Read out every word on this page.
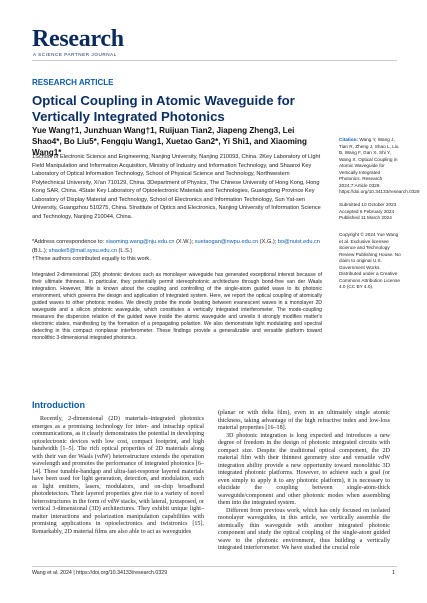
Research
A SCIENCE PARTNER JOURNAL
RESEARCH ARTICLE
Optical Coupling in Atomic Waveguide for Vertically Integrated Photonics
Yue Wang†1, Junzhuan Wang†1, Ruijuan Tian2, Jiapeng Zheng3, Lei Shao4*, Bo Liu5*, Fengqiu Wang1, Xuetao Gan2*, Yi Shi1, and Xiaoming Wang1*
1School of Electronic Science and Engineering, Nanjing University, Nanjing 210093, China. 2Key Laboratory of Light Field Manipulation and Information Acquisition, Ministry of Industry and Information Technology, and Shaanxi Key Laboratory of Optical Information Technology, School of Physical Science and Technology, Northwestern Polytechnical University, Xi'an 710129, China. 3Department of Physics, The Chinese University of Hong Kong, Hong Kong SAR, China. 4State Key Laboratory of Optoelectronic Materials and Technologies, Guangdong Province Key Laboratory of Display Material and Technology, School of Electronics and Information Technology, Sun Yat-sen University, Guangzhou 510275, China. 5Institute of Optics and Electronics, Nanjing University of Information Science and Technology, Nanjing 210044, China.
*Address correspondence to: xiaoming.wang@nju.edu.cn (X.W.); xuetaogan@nwpu.edu.cn (X.G.); bo@nuist.edu.cn (B.L.); shaolei5@mail.sysu.edu.cn (L.S.)
†These authors contributed equally to this work.
Integrated 2-dimensional (2D) photonic devices such as monolayer waveguide has generated exceptional interest because of their ultimate thinness. In particular, they potentially permit stereophotonic architecture through bond-free van der Waals integration. However, little is known about the coupling and controlling of the single-atom guided wave to its photonic environment, which governs the design and application of integrated system. Here, we report the optical coupling of atomically guided waves to other photonic modes. We directly probe the mode beating between evanescent waves in a monolayer 2D waveguide and a silicon photonic waveguide, which constitutes a vertically integrated interferometer. The mode-coupling measures the dispersion relation of the guided wave inside the atomic waveguide and unveils it strongly modifies matter's electronic states, manifesting by the formation of a propagating polariton. We also demonstrate light modulating and spectral detecting in this compact nonplanar interferometer. These findings provide a generalizable and versatile platform toward monolithic 3-dimensional integrated photonics.
Citation: Wang Y, Wang J, Tian R, Zheng J, Shao L, Liu B, Wang F, Gan X, Shi Y, Wang X. Optical Coupling in Atomic Waveguide for Vertically Integrated Photonics. Research 2024;7:Article 0329. https://doi.org/10.34133/research.0329
Submitted 10 October 2023
Accepted 6 February 2024
Published 11 March 2024
Copyright © 2024 Yue Wang et al. Exclusive licensee Science and Technology Review Publishing House. No claim to original U.S. Government Works. Distributed under a Creative Commons Attribution License 4.0 (CC BY 4.0).
Introduction

Recently, 2-dimensional (2D) materials–integrated photonics emerges as a promising technology for inter- and intrachip optical communications, as it clearly demonstrates the potential in developing optoelectronic devices with low cost, compact footprint, and high bandwidth [1–5]. The rich optical properties of 2D materials along with their van der Waals (vdW) heterostructure extends the operation wavelength and promotes the performance of integrated photonics [6–14]. These tunable-bandgap and ultra-fast-response layered materials have been used for light generation, detection, and modulation, such as light emitters, lasers, modulators, and on-chip broadband photodetectors. Their layered properties give rise to a variety of novel heterostructures in the form of vdW stacks, with lateral, juxtaposed, or vertical 3-dimensional (3D) architectures. They exhibit unique light–matter interactions and polarization manipulation capabilities with promising applications in optoelectronics and twistronics [15]. Remarkably, 2D material films are also able to act as waveguides

(planar or with delta film), even in an ultimately single atomic thickness, taking advantage of the high refractive index and low-loss material properties [16–18].

3D photonic integration is long expected and introduces a new degree of freedom in the design of photonic integrated circuits with compact size. Despite the traditional optical component, the 2D material film with their thinnest geometry size and versatile vdW integration ability provide a new opportunity toward monolithic 3D integrated photonic platforms. However, to achieve such a goal (or even simply to apply it to any photonic platform), it is necessary to elucidate the coupling between single-atom-thick waveguide/component and other photonic modes when assembling them into the integrated system.

Different from previous work, which has only focused on isolated monolayer waveguides, in this article, we vertically assemble the atomically thin waveguide with another integrated photonic component and study the optical coupling of the single-atom guided wave to the photonic environment, thus building a vertically integrated interferometer. We have studied the crucial role

Wang et al. 2024 | https://doi.org/10.34133/research.0329	1
